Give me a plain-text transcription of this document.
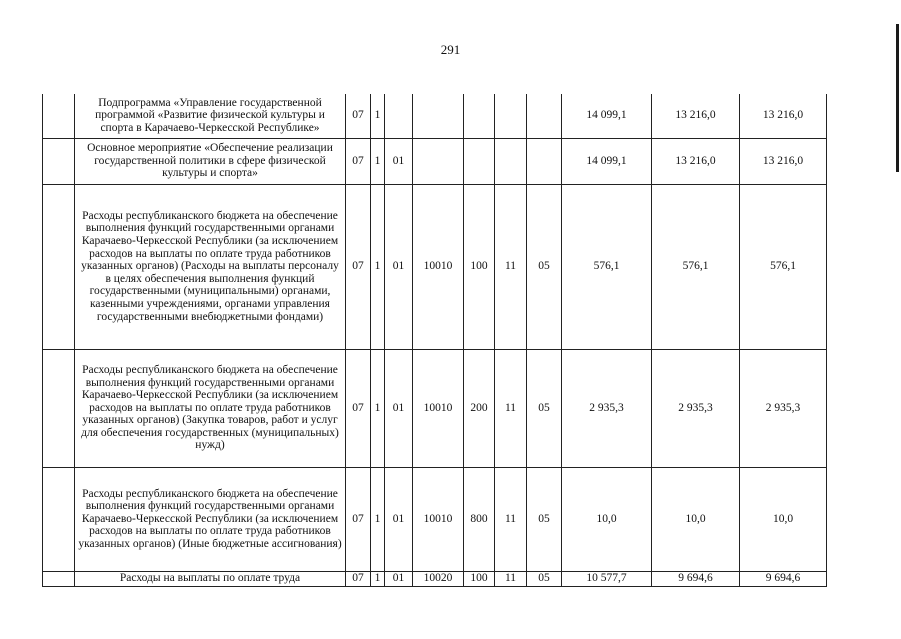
291
	Подпрограмма «Управление государственной программой «Развитие физической культуры и спорта в Карачаево-Черкесской Республике»	07	1						14 099,1	13 216,0	13 216,0
	Основное мероприятие «Обеспечение реализации государственной политики в сфере физической культуры и спорта»	07	1	01					14 099,1	13 216,0	13 216,0
	Расходы республиканского бюджета на обеспечение выполнения функций государственными органами Карачаево-Черкесской Республики (за исключением расходов на выплаты по оплате труда работников указанных органов) (Расходы на выплаты персоналу в целях обеспечения выполнения функций государственными (муниципальными) органами, казенными учреждениями, органами управления государственными внебюджетными фондами)	07	1	01	10010	100	11	05	576,1	576,1	576,1
	Расходы республиканского бюджета на обеспечение выполнения функций государственными органами Карачаево-Черкесской Республики (за исключением расходов на выплаты по оплате труда работников указанных органов) (Закупка товаров, работ и услуг для обеспечения государственных (муниципальных) нужд)	07	1	01	10010	200	11	05	2 935,3	2 935,3	2 935,3
	Расходы республиканского бюджета на обеспечение выполнения функций государственными органами Карачаево-Черкесской Республики (за исключением расходов на выплаты по оплате труда работников указанных органов) (Иные бюджетные ассигнования)	07	1	01	10010	800	11	05	10,0	10,0	10,0
	Расходы на выплаты по оплате труда	07	1	01	10020	100	11	05	10 577,7	9 694,6	9 694,6
